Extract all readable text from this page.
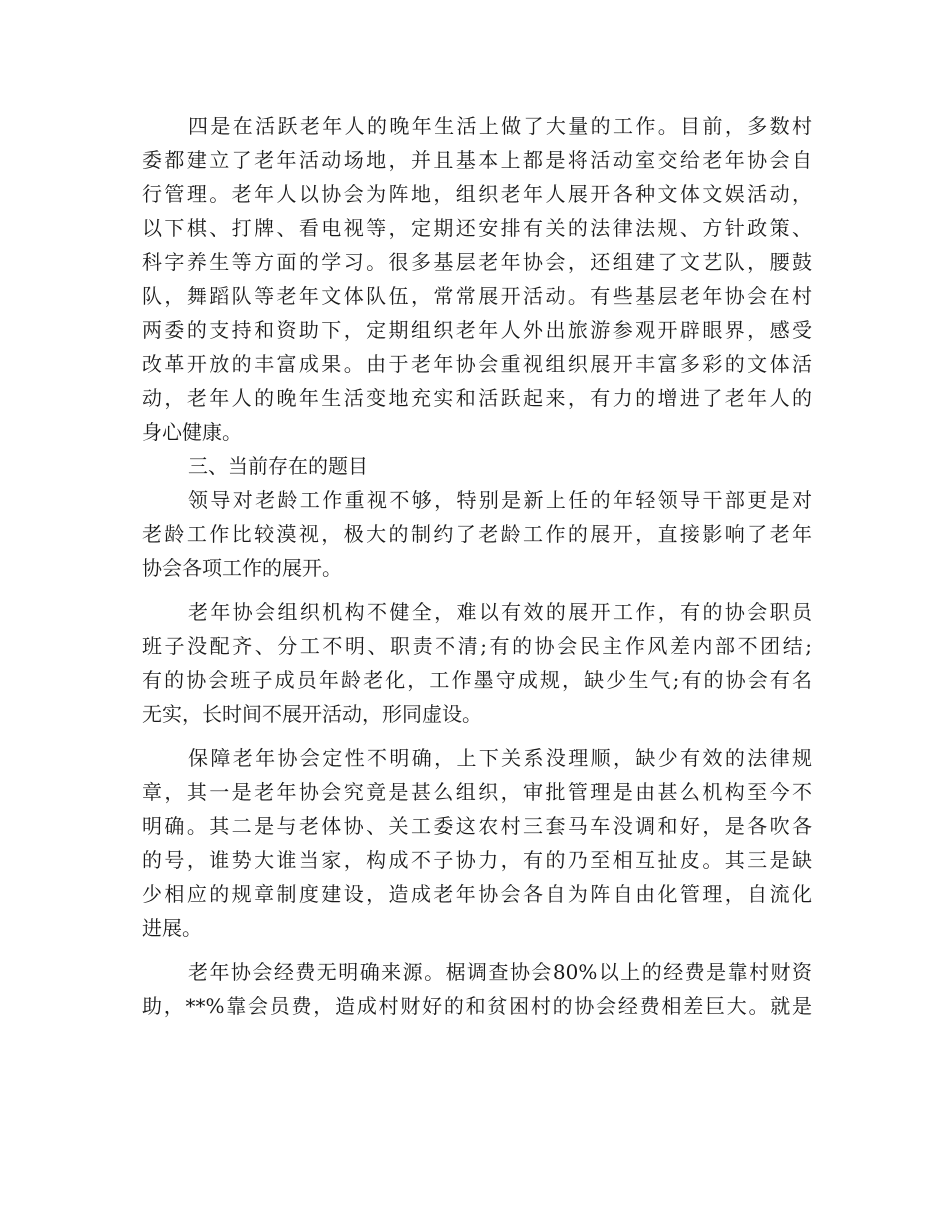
四是在活跃老年人的晚年生活上做了大量的工作。目前，多数村

委都建立了老年活动场地，并且基本上都是将活动室交给老年协会自

行管理。老年人以协会为阵地，组织老年人展开各种文体文娱活动，

以下棋、打牌、看电视等，定期还安排有关的法律法规、方针政策、

科字养生等方面的学习。很多基层老年协会，还组建了文艺队，腰鼓

队，舞蹈队等老年文体队伍，常常展开活动。有些基层老年协会在村

两委的支持和资助下，定期组织老年人外出旅游参观开辟眼界，感受

改革开放的丰富成果。由于老年协会重视组织展开丰富多彩的文体活

动，老年人的晚年生活变地充实和活跃起来，有力的增进了老年人的

身心健康。

三、当前存在的题目

领导对老龄工作重视不够，特别是新上任的年轻领导干部更是对

老龄工作比较漠视，极大的制约了老龄工作的展开，直接影响了老年

协会各项工作的展开。

老年协会组织机构不健全，难以有效的展开工作，有的协会职员

班子没配齐、分工不明、职责不清;有的协会民主作风差内部不团结;

有的协会班子成员年龄老化，工作墨守成规，缺少生气;有的协会有名

无实，长时间不展开活动，形同虚设。

保障老年协会定性不明确，上下关系没理顺，缺少有效的法律规

章，其一是老年协会究竟是甚么组织，审批管理是由甚么机构至今不

明确。其二是与老体协、关工委这农村三套马车没调和好，是各吹各

的号，谁势大谁当家，构成不子协力，有的乃至相互扯皮。其三是缺

少相应的规章制度建设，造成老年协会各自为阵自由化管理，自流化

进展。

老年协会经费无明确来源。椐调查协会80%以上的经费是靠村财资

助，**%靠会员费，造成村财好的和贫困村的协会经费相差巨大。就是
